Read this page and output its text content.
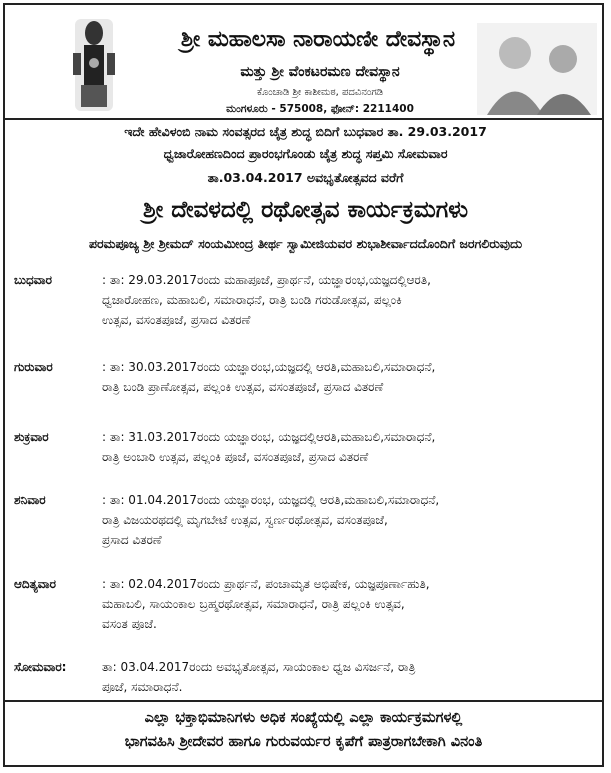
ಶ್ರೀ ಮಹಾಲಸಾ ನಾರಾಯಣೀ ದೇವಸ್ಥಾನ
ಮತ್ತು ಶ್ರೀ ವೆಂಕಟರಮಣ ದೇವಸ್ಥಾನ
ಕೊಂಚಾಡಿ ಶ್ರೀ ಕಾಶೀಮಠ, ಪದವಿನಂಗಡಿ
ಮಂಗಳೂರು - 575008, ಫೋನ್: 2211400
ಇದೇ ಹೇವಿಳಂಬಿ ನಾಮ ಸಂವತ್ಸರದ ಚೈತ್ರ ಶುದ್ಧ ಬಿದಿಗೆ ಬುಧವಾರ ತಾ. 29.03.2017
ಧ್ವಜಾರೋಹಣದಿಂದ ಪ್ರಾರಂಭಗೊಂಡು ಚೈತ್ರ ಶುದ್ಧ ಸಪ್ತಮಿ ಸೋಮವಾರ
ತಾ.03.04.2017 ಅವಭೃತೋತ್ಸವದ ವರೆಗೆ
ಶ್ರೀ ದೇವಳದಲ್ಲಿ ರಥೋತ್ಸವ ಕಾರ್ಯಕ್ರಮಗಳು
ಪರಮಪೂಜ್ಯ ಶ್ರೀ ಶ್ರೀಮದ್ ಸಂಯಮೀಂದ್ರ ತೀರ್ಥ ಸ್ವಾಮೀಜಿಯವರ ಶುಭಾಶೀರ್ವಾದದೊಂದಿಗೆ ಜರಗಲಿರುವುದು
ಬುಧವಾರ	: ತಾ: 29.03.2017ರಂದು ಮಹಾಪೂಜೆ, ಪ್ರಾರ್ಥನೆ, ಯಜ್ಞಾರಂಭ,ಯಜ್ಞದಲ್ಲಿಆರತಿ,
ಧ್ವಜಾರೋಹಣ, ಮಹಾಬಲಿ, ಸಮಾರಾಧನೆ, ರಾತ್ರಿ ಬಂಡಿ ಗರುಡೋತ್ಸವ, ಪಲ್ಲಂಕಿ
ಉತ್ಸವ, ವಸಂತಪೂಜೆ, ಪ್ರಸಾದ ವಿತರಣೆ
ಗುರುವಾರ	: ತಾ: 30.03.2017ರಂದು ಯಜ್ಞಾರಂಭ,ಯಜ್ಞದಲ್ಲಿ ಆರತಿ,ಮಹಾಬಲಿ,ಸಮಾರಾಧನೆ,
ರಾತ್ರಿ ಬಂಡಿ ಪ್ರಾಣೋತ್ಸವ, ಪಲ್ಲಂಕಿ ಉತ್ಸವ, ವಸಂತಪೂಜೆ, ಪ್ರಸಾದ ವಿತರಣೆ
ಶುಕ್ರವಾರ	: ತಾ: 31.03.2017ರಂದು ಯಜ್ಞಾರಂಭ, ಯಜ್ಞದಲ್ಲಿಆರತಿ,ಮಹಾಬಲಿ,ಸಮಾರಾಧನೆ,
ರಾತ್ರಿ ಅಂಬಾರಿ ಉತ್ಸವ, ಪಲ್ಲಂಕಿ ಪೂಜೆ, ವಸಂತಪೂಜೆ, ಪ್ರಸಾದ ವಿತರಣೆ
ಶನಿವಾರ	: ತಾ: 01.04.2017ರಂದು ಯಜ್ಞಾರಂಭ, ಯಜ್ಞದಲ್ಲಿ ಆರತಿ,ಮಹಾಬಲಿ,ಸಮಾರಾಧನೆ,
ರಾತ್ರಿ ವಿಜಯರಥದಲ್ಲಿ ಮೃಗಬೇಟೆ ಉತ್ಸವ, ಸ್ವರ್ಣರಥೋತ್ಸವ, ವಸಂತಪೂಜೆ,
ಪ್ರಸಾದ ವಿತರಣೆ
ಆದಿತ್ಯವಾರ	: ತಾ: 02.04.2017ರಂದು ಪ್ರಾರ್ಥನೆ, ಪಂಚಾಮೃತ ಅಭಿಷೇಕ, ಯಜ್ಞಪೂರ್ಣಾಹುತಿ,
ಮಹಾಬಲಿ, ಸಾಯಂಕಾಲ ಬ್ರಹ್ಮರಥೋತ್ಸವ, ಸಮಾರಾಧನೆ, ರಾತ್ರಿ ಪಲ್ಲಂಕಿ ಉತ್ಸವ,
ವಸಂತ ಪೂಜೆ.
ಸೋಮವಾರ:	ತಾ: 03.04.2017ರಂದು ಅವಭೃತೋತ್ಸವ, ಸಾಯಂಕಾಲ ಧ್ವಜ ವಿಸರ್ಜನೆ, ರಾತ್ರಿ
ಪೂಜೆ, ಸಮಾರಾಧನೆ.
ಎಲ್ಲಾ ಭಕ್ತಾಭಿಮಾನಿಗಳು ಅಧಿಕ ಸಂಖ್ಯೆಯಲ್ಲಿ ಎಲ್ಲಾ ಕಾರ್ಯಕ್ರಮಗಳಲ್ಲಿ
ಭಾಗವಹಿಸಿ ಶ್ರೀದೇವರ ಹಾಗೂ ಗುರುವರ್ಯರ ಕೃಪೆಗೆ ಪಾತ್ರರಾಗಬೇಕಾಗಿ ವಿನಂತಿ
